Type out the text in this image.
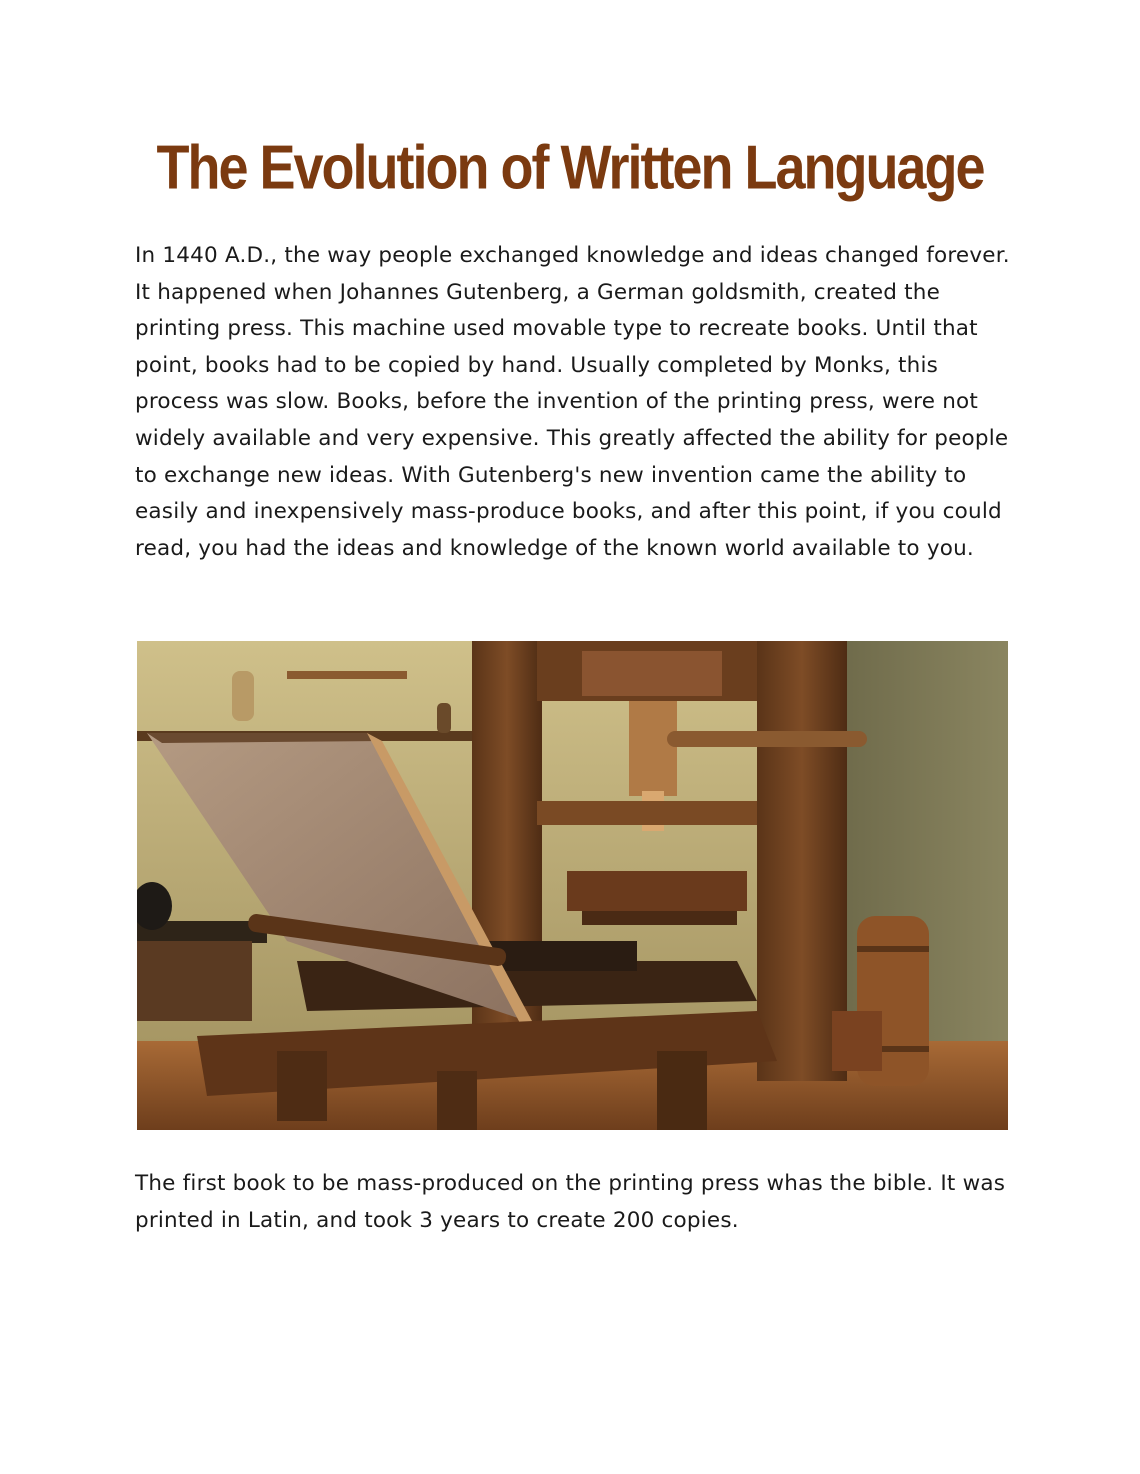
The Evolution of Written Language

In 1440 A.D., the way people exchanged knowledge and ideas changed forever. It happened when Johannes Gutenberg, a German goldsmith, created the printing press. This machine used movable type to recreate books. Until that point, books had to be copied by hand. Usually completed by Monks, this process was slow. Books, before the invention of the printing press, were not widely available and very expensive. This greatly affected the ability for people to exchange new ideas. With Gutenberg's new invention came the ability to easily and inexpensively mass-produce books, and after this point, if you could read, you had the ideas and knowledge of the known world available to you.

The first book to be mass-produced on the printing press whas the bible. It was printed in Latin, and took 3 years to create 200 copies.
